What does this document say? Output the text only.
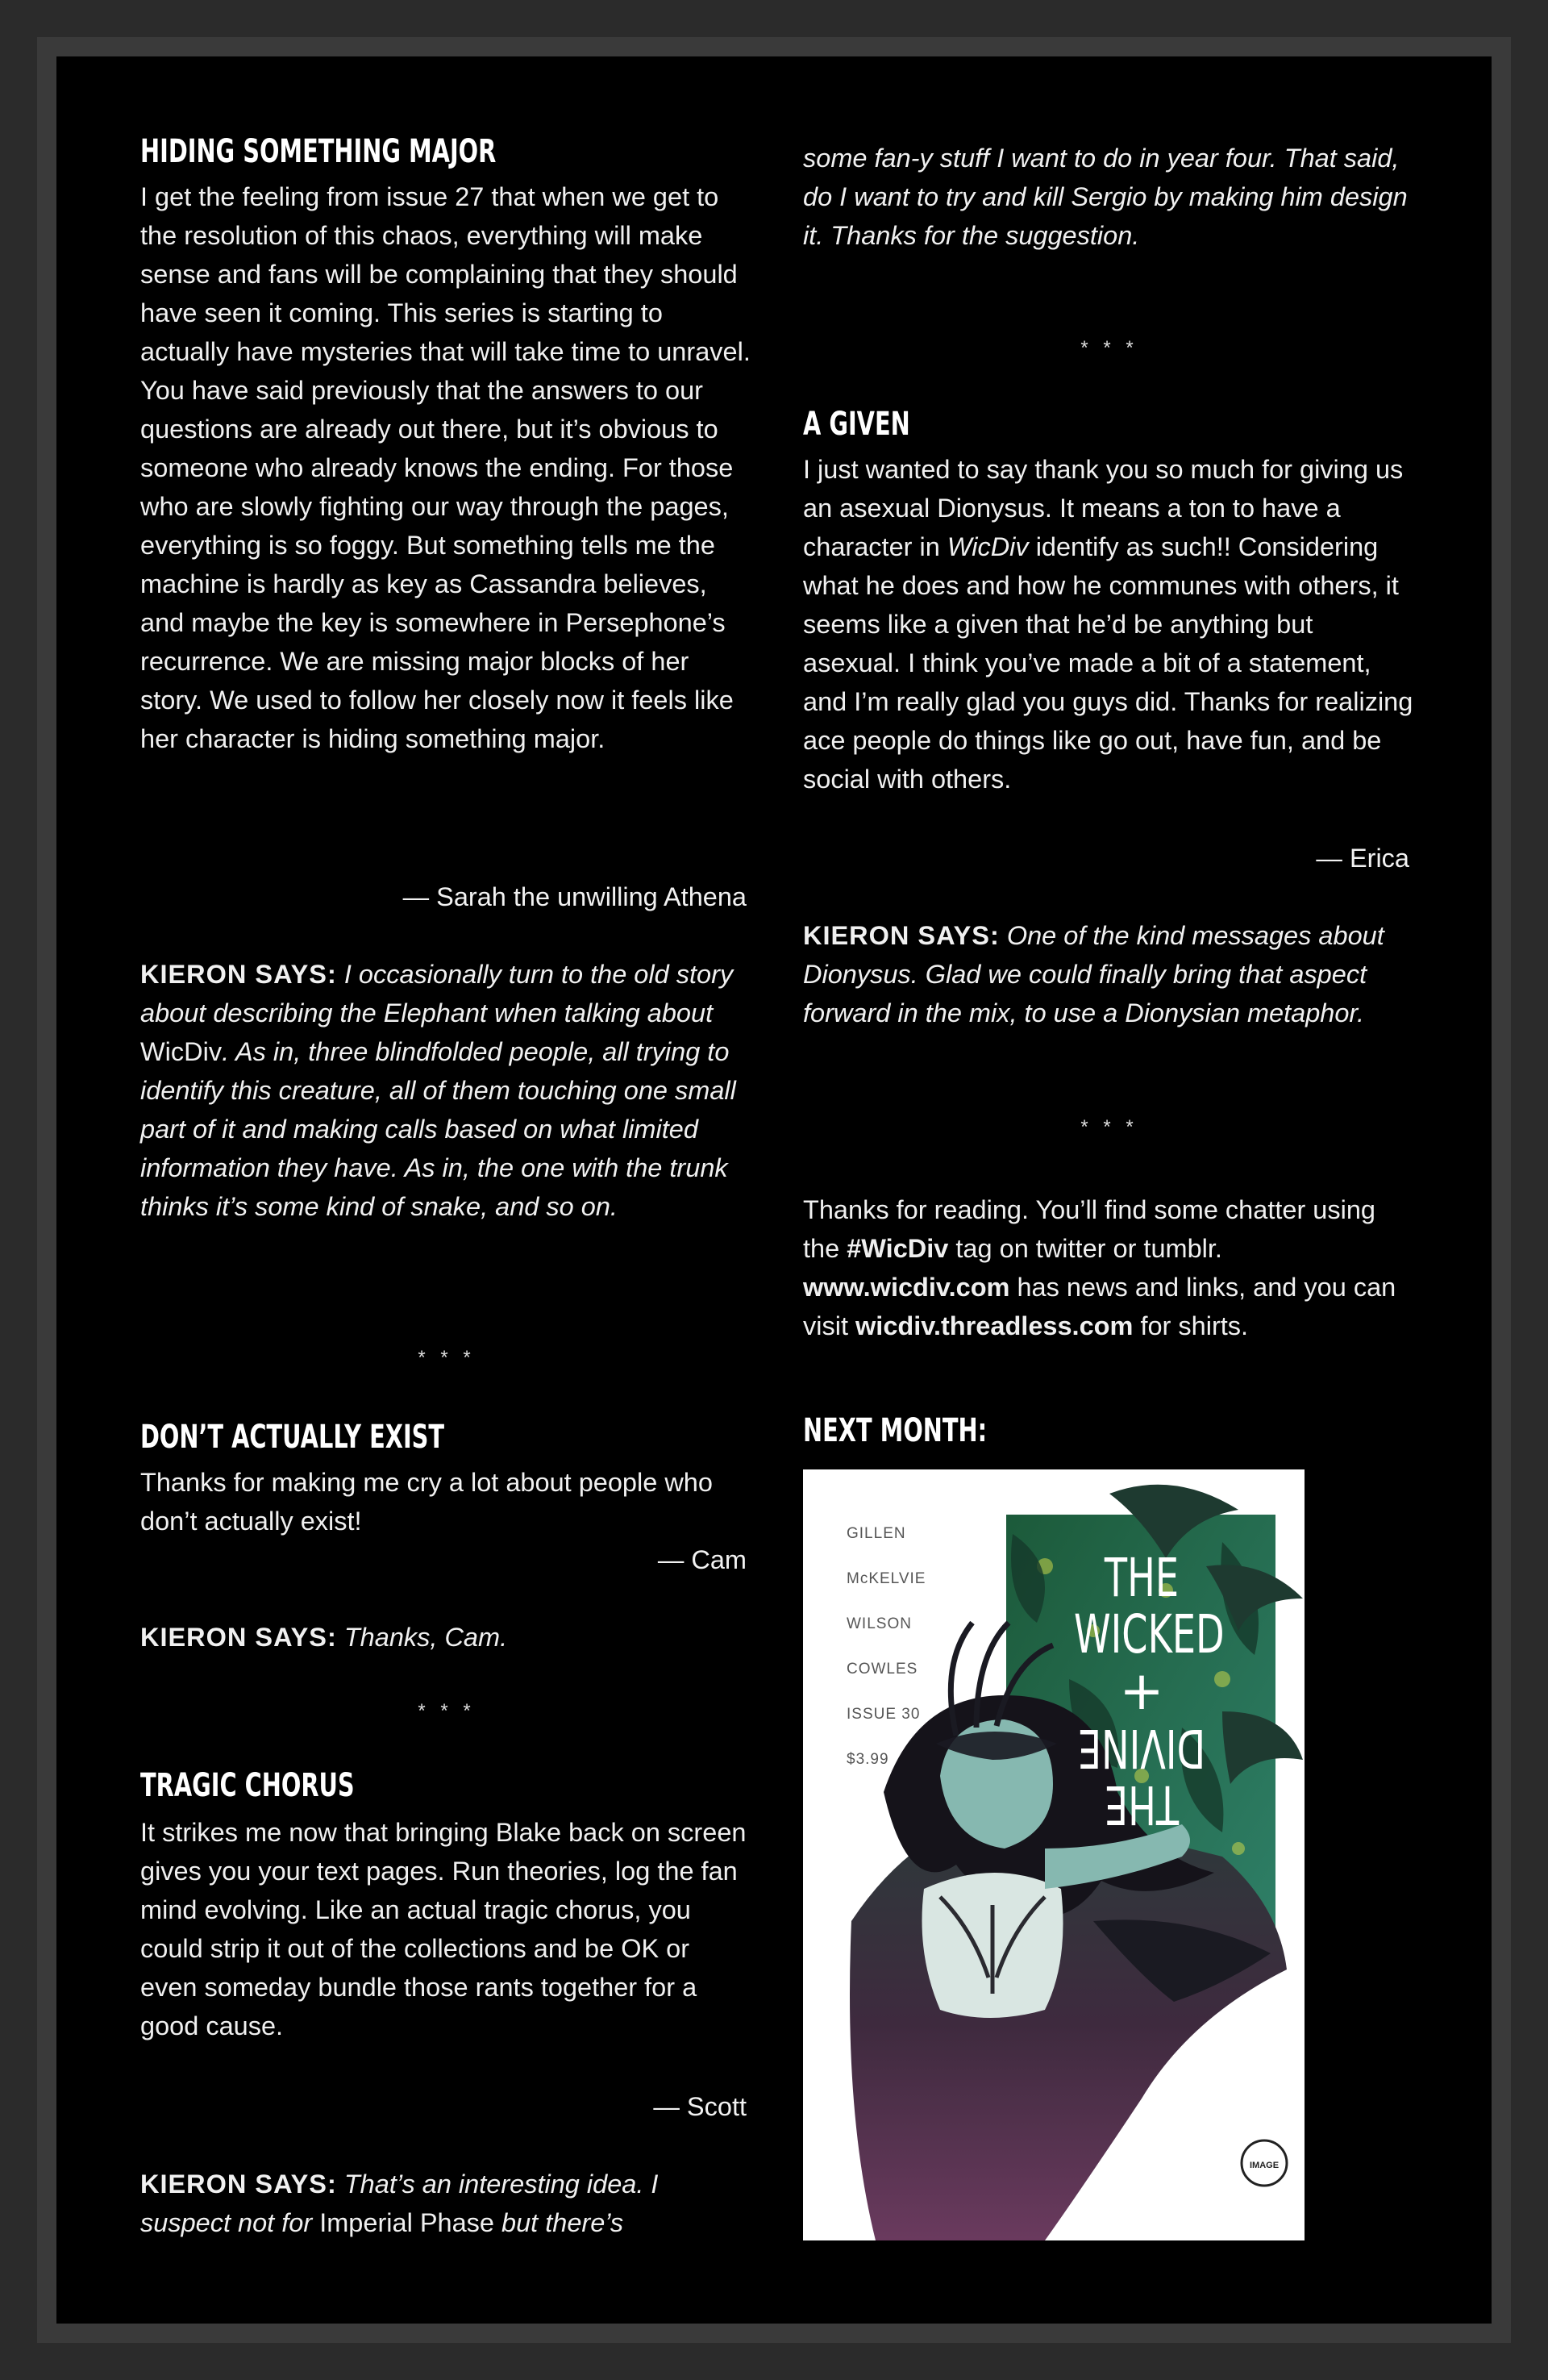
HIDING SOMETHING MAJOR

I get the feeling from issue 27 that when we get to the resolution of this chaos, everything will make sense and fans will be complaining that they should have seen it coming. This series is starting to actually have mysteries that will take time to unravel. You have said previously that the answers to our questions are already out there, but it’s obvious to someone who already knows the ending. For those who are slowly fighting our way through the pages, everything is so foggy. But something tells me the machine is hardly as key as Cassandra believes, and maybe the key is somewhere in Persephone’s recurrence. We are missing major blocks of her story. We used to follow her closely now it feels like her character is hiding something major.

— Sarah the unwilling Athena

KIERON SAYS: I occasionally turn to the old story about describing the Elephant when talking about WicDiv. As in, three blindfolded people, all trying to identify this creature, all of them touching one small part of it and making calls based on what limited information they have. As in, the one with the trunk thinks it’s some kind of snake, and so on.

* * *
DON’T ACTUALLY EXIST

Thanks for making me cry a lot about people who don’t actually exist!

— Cam

KIERON SAYS: Thanks, Cam.

* * *
TRAGIC CHORUS

It strikes me now that bringing Blake back on screen gives you your text pages. Run theories, log the fan mind evolving. Like an actual tragic chorus, you could strip it out of the collections and be OK or even someday bundle those rants together for a good cause.

— Scott

KIERON SAYS: That’s an interesting idea. I suspect not for Imperial Phase but there’s

some fan-y stuff I want to do in year four. That said, do I want to try and kill Sergio by making him design it. Thanks for the suggestion.

* * *
A GIVEN

I just wanted to say thank you so much for giving us an asexual Dionysus. It means a ton to have a character in WicDiv identify as such!! Considering what he does and how he communes with others, it seems like a given that he’d be anything but asexual. I think you’ve made a bit of a statement, and I’m really glad you guys did. Thanks for realizing ace people do things like go out, have fun, and be social with others.

— Erica

KIERON SAYS: One of the kind messages about Dionysus. Glad we could finally bring that aspect forward in the mix, to use a Dionysian metaphor.

* * *

Thanks for reading. You’ll find some chatter using the #WicDiv tag on twitter or tumblr. www.wicdiv.com has news and links, and you can visit wicdiv.threadless.com for shirts.

NEXT MONTH:
IMAGE
GILLEN
McKELVIE
WILSON
COWLES
ISSUE 30
$3.99
THE
WICKED
+
DIVINE
THE
